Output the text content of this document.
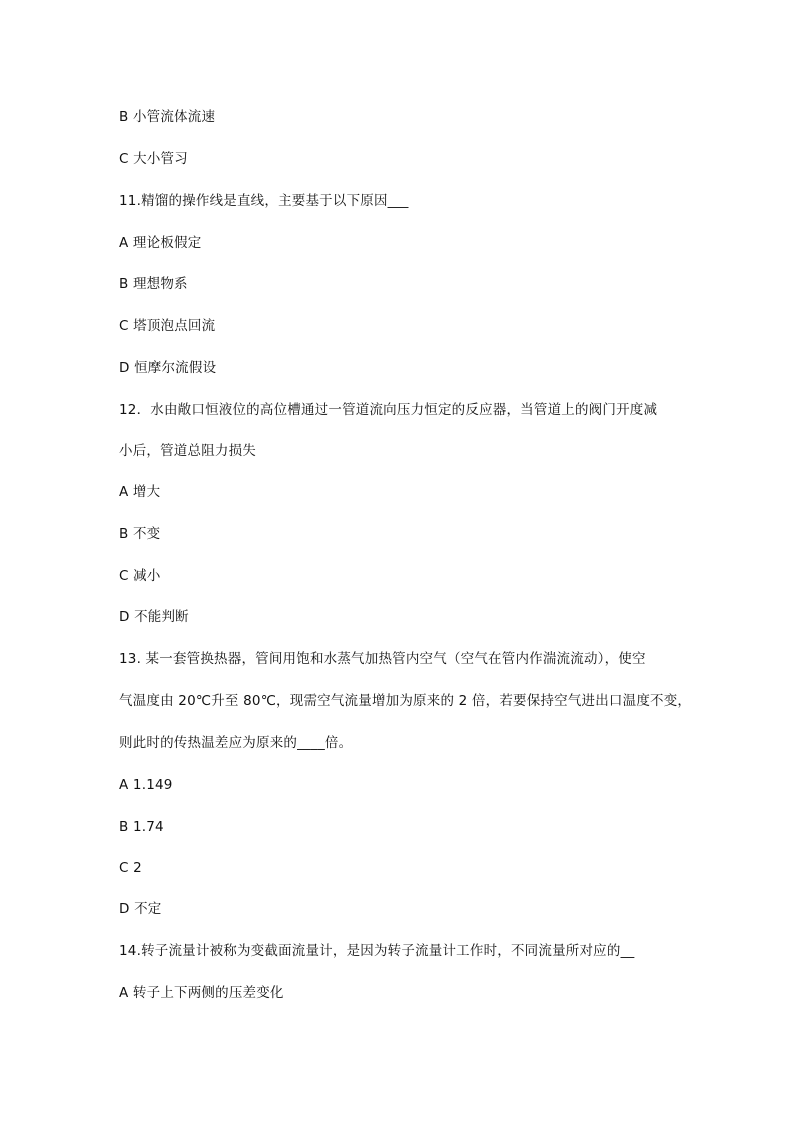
B 小管流体流速
C 大小管习
11.精馏的操作线是直线，主要基于以下原因___
A 理论板假定
B 理想物系
C 塔顶泡点回流
D 恒摩尔流假设
12．水由敞口恒液位的高位槽通过一管道流向压力恒定的反应器，当管道上的阀门开度减
小后，管道总阻力损失
A 增大
B 不变
C 减小
D 不能判断
13. 某一套管换热器，管间用饱和水蒸气加热管内空气（空气在管内作湍流流动），使空
气温度由 20℃升至 80℃，现需空气流量增加为原来的 2 倍，若要保持空气进出口温度不变，
则此时的传热温差应为原来的____倍。
A 1.149
B 1.74
C 2
D 不定
14.转子流量计被称为变截面流量计，是因为转子流量计工作时，不同流量所对应的__
A 转子上下两侧的压差变化
